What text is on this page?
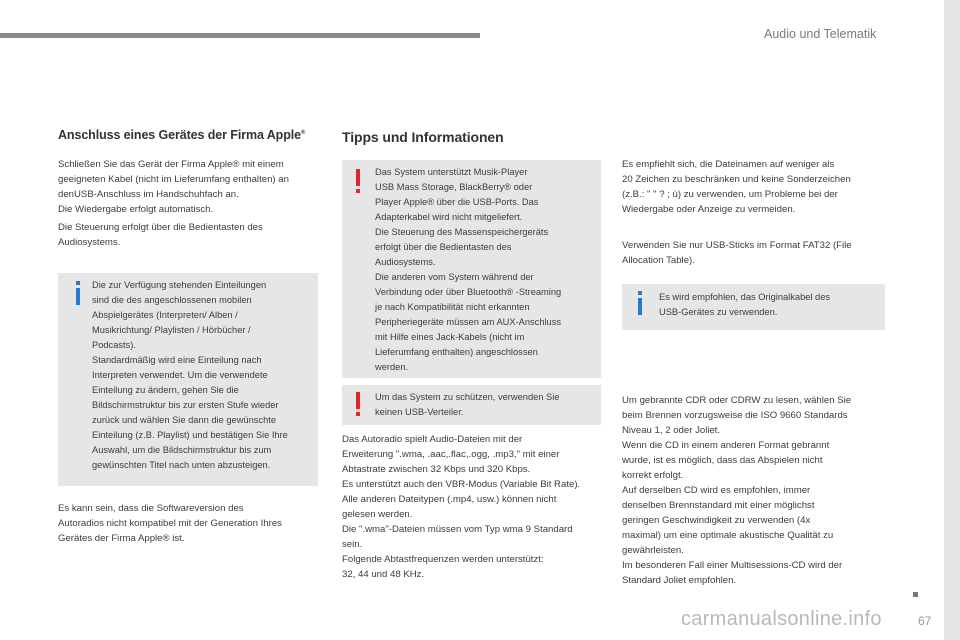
Audio und Telematik
Anschluss eines Gerätes der Firma Apple®

Schließen Sie das Gerät der Firma Apple® mit einem
geeigneten Kabel (nicht im Lieferumfang enthalten) an
denUSB-Anschluss im Handschuhfach an.
Die Wiedergabe erfolgt automatisch.

Die Steuerung erfolgt über die Bedientasten des
Audiosystems.

Die zur Verfügung stehenden Einteilungen
sind die des angeschlossenen mobilen
Abspielgerätes (Interpreten/ Alben /
Musikrichtung/ Playlisten / Hörbücher /
Podcasts).
Standardmäßig wird eine Einteilung nach
Interpreten verwendet. Um die verwendete
Einteilung zu ändern, gehen Sie die
Bildschirmstruktur bis zur ersten Stufe wieder
zurück und wählen Sie dann die gewünschte
Einteilung (z.B. Playlist) und bestätigen Sie Ihre
Auswahl, um die Bildschirmstruktur bis zum
gewünschten Titel nach unten abzusteigen.

Es kann sein, dass die Softwareversion des
Autoradios nicht kompatibel mit der Generation Ihres
Gerätes der Firma Apple® ist.

Tipps und Informationen

Das System unterstützt Musik-Player
USB Mass Storage, BlackBerry® oder
Player Apple® über die USB-Ports. Das
Adapterkabel wird nicht mitgeliefert.
Die Steuerung des Massenspeichergeräts
erfolgt über die Bedientasten des
Audiosystems.
Die anderen vom System während der
Verbindung oder über Bluetooth® -Streaming
je nach Kompatibilität nicht erkannten
Peripheriegeräte müssen am AUX-Anschluss
mit Hilfe eines Jack-Kabels (nicht im
Lieferumfang enthalten) angeschlossen
werden.

Um das System zu schützen, verwenden Sie
keinen USB-Verteiler.

Das Autoradio spielt Audio-Dateien mit der
Erweiterung ".wma, .aac,.flac,.ogg, .mp3," mit einer
Abtastrate zwischen 32 Kbps und 320 Kbps.
Es unterstützt auch den VBR-Modus (Variable Bit Rate).
Alle anderen Dateitypen (.mp4, usw.) können nicht
gelesen werden.
Die ".wma"-Dateien müssen vom Typ wma 9 Standard
sein.
Folgende Abtastfrequenzen werden unterstützt:
32, 44 und 48 KHz.

Es empfiehlt sich, die Dateinamen auf weniger als
20 Zeichen zu beschränken und keine Sonderzeichen
(z.B.: " " ? ; ù) zu verwenden, um Probleme bei der
Wiedergabe oder Anzeige zu vermeiden.

Verwenden Sie nur USB-Sticks im Format FAT32 (File
Allocation Table).

Es wird empfohlen, das Originalkabel des
USB-Gerätes zu verwenden.

Um gebrannte CDR oder CDRW zu lesen, wählen Sie
beim Brennen vorzugsweise die ISO 9660 Standards
Niveau 1, 2 oder Joliet.
Wenn die CD in einem anderen Format gebrannt
wurde, ist es möglich, dass das Abspielen nicht
korrekt erfolgt.
Auf derselben CD wird es empfohlen, immer
denselben Brennstandard mit einer möglichst
geringen Geschwindigkeit zu verwenden (4x
maximal) um eine optimale akustische Qualität zu
gewährleisten.
Im besonderen Fall einer Multisessions-CD wird der
Standard Joliet empfohlen.

carmanualsonline.info	67
